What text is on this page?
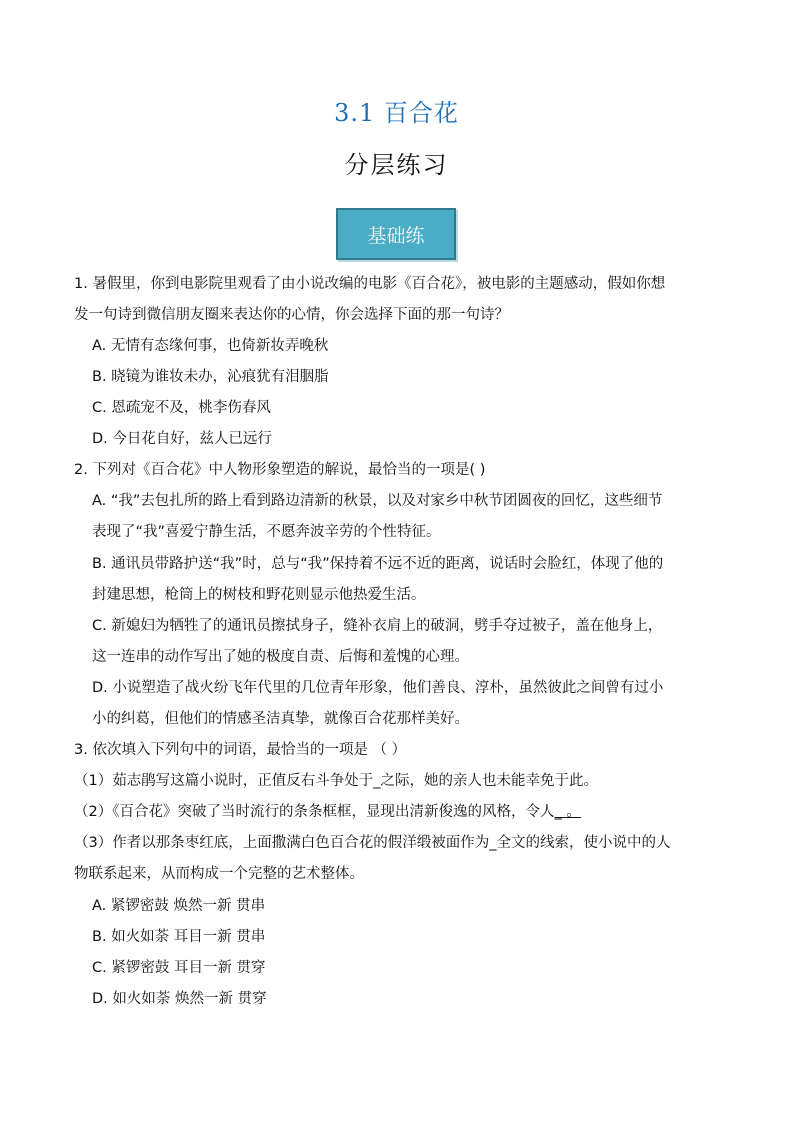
3.1 百合花
分层练习
基础练
1. 暑假里，你到电影院里观看了由小说改编的电影《百合花》，被电影的主题感动，假如你想
发一句诗到微信朋友圈来表达你的心情，你会选择下面的那一句诗？
A. 无情有态缘何事，也倚新妆弄晚秋
B. 晓镜为谁妆未办，沁痕犹有泪胭脂
C. 恩疏宠不及，桃李伤春风
D. 今日花自好，兹人已远行
2. 下列对《百合花》中人物形象塑造的解说，最恰当的一项是( )
A. “我”去包扎所的路上看到路边清新的秋景，以及对家乡中秋节团圆夜的回忆，这些细节
表现了“我”喜爱宁静生活，不愿奔波辛劳的个性特征。
B. 通讯员带路护送“我”时，总与“我”保持着不远不近的距离，说话时会脸红，体现了他的
封建思想，枪筒上的树枝和野花则显示他热爱生活。
C. 新媳妇为牺牲了的通讯员擦拭身子，缝补衣肩上的破洞，劈手夺过被子，盖在他身上，
这一连串的动作写出了她的极度自责、后悔和羞愧的心理。
D. 小说塑造了战火纷飞年代里的几位青年形象，他们善良、淳朴，虽然彼此之间曾有过小
小的纠葛，但他们的情感圣洁真挚，就像百合花那样美好。
3. 依次填入下列句中的词语，最恰当的一项是 （ ）
（1）茹志鹃写这篇小说时，正值反右斗争处于_之际，她的亲人也未能幸免于此。
（2）《百合花》突破了当时流行的条条框框，显现出清新俊逸的风格，令人_ 。
（3）作者以那条枣红底，上面撒满白色百合花的假洋缎被面作为_全文的线索，使小说中的人
物联系起来，从而构成一个完整的艺术整体。
A. 紧锣密鼓 焕然一新 贯串
B. 如火如荼 耳目一新 贯串
C. 紧锣密鼓 耳目一新 贯穿
D. 如火如荼 焕然一新 贯穿
